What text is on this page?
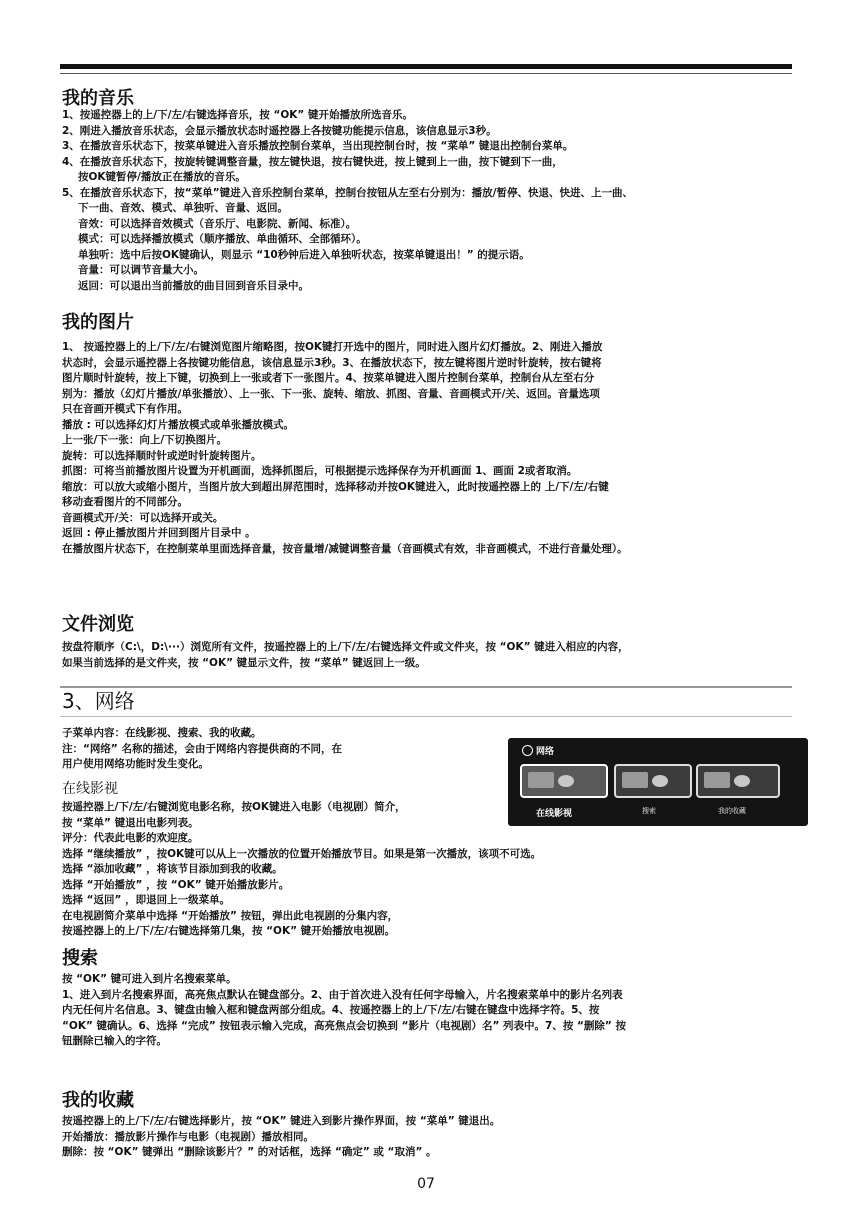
我的音乐
1、按遥控器上的上/下/左/右键选择音乐，按 “OK” 键开始播放所选音乐。
2、刚进入播放音乐状态，会显示播放状态时遥控器上各按键功能提示信息，该信息显示3秒。
3、在播放音乐状态下，按菜单键进入音乐播放控制台菜单，当出现控制台时，按 “菜单” 键退出控制台菜单。
4、在播放音乐状态下，按旋转键调整音量，按左键快退，按右键快进，按上键到上一曲，按下键到下一曲，
按OK键暂停/播放正在播放的音乐。
5、在播放音乐状态下，按“菜单”键进入音乐控制台菜单，控制台按钮从左至右分别为：播放/暂停、快退、快进、上一曲、
下一曲、音效、模式、单独听、音量、返回。
音效：可以选择音效模式（音乐厅、电影院、新闻、标准）。
模式：可以选择播放模式（顺序播放、单曲循环、全部循环）。
单独听：选中后按OK键确认，则显示 “10秒钟后进入单独听状态，按菜单键退出！” 的提示语。
音量：可以调节音量大小。
返回：可以退出当前播放的曲目回到音乐目录中。
我的图片
1、 按遥控器上的上/下/左/右键浏览图片缩略图，按OK键打开选中的图片，同时进入图片幻灯播放。2、刚进入播放
状态时，会显示遥控器上各按键功能信息，该信息显示3秒。3、在播放状态下，按左键将图片逆时针旋转，按右键将
图片顺时针旋转，按上下键，切换到上一张或者下一张图片。4、按菜单键进入图片控制台菜单，控制台从左至右分
别为：播放（幻灯片播放/单张播放）、上一张、下一张、旋转、缩放、抓图、音量、音画模式开/关、返回。音量选项
只在音画开模式下有作用。
播放 : 可以选择幻灯片播放模式或单张播放模式。
上一张/下一张：向上/下切换图片。
旋转：可以选择顺时针或逆时针旋转图片。
抓图：可将当前播放图片设置为开机画面，选择抓图后，可根据提示选择保存为开机画面 1、画面 2或者取消。
缩放：可以放大或缩小图片，当图片放大到超出屏范围时，选择移动并按OK键进入，此时按遥控器上的 上/下/左/右键
移动查看图片的不同部分。
音画模式开/关：可以选择开或关。
返回 : 停止播放图片并回到图片目录中 。
在播放图片状态下，在控制菜单里面选择音量，按音量增/减键调整音量（音画模式有效，非音画模式，不进行音量处理）。
文件浏览
按盘符顺序（C:\，D:\···）浏览所有文件，按遥控器上的上/下/左/右键选择文件或文件夹，按 “OK” 键进入相应的内容，
如果当前选择的是文件夹，按 “OK” 键显示文件，按 “菜单” 键返回上一级。
3、网络
子菜单内容：在线影视、搜索、我的收藏。
注：“网络” 名称的描述，会由于网络内容提供商的不同，在
用户使用网络功能时发生变化。
网络
在线影视	搜索	我的收藏
在线影视
按遥控器上/下/左/右键浏览电影名称，按OK键进入电影（电视剧）简介，
按 “菜单” 键退出电影列表。
评分：代表此电影的欢迎度。
选择 “继续播放” ，按OK键可以从上一次播放的位置开始播放节目。如果是第一次播放，该项不可选。
选择 “添加收藏” ，将该节目添加到我的收藏。
选择 “开始播放” ，按 “OK” 键开始播放影片。
选择 “返回” ，即退回上一级菜单。
在电视剧简介菜单中选择 “开始播放” 按钮，弹出此电视剧的分集内容，
按遥控器上的上/下/左/右键选择第几集，按 “OK” 键开始播放电视剧。
搜索
按 “OK” 键可进入到片名搜索菜单。
1、进入到片名搜索界面，高亮焦点默认在键盘部分。2、由于首次进入没有任何字母输入，片名搜索菜单中的影片名列表
内无任何片名信息。3、键盘由输入框和键盘两部分组成。4、按遥控器上的上/下/左/右键在键盘中选择字符。5、按
“OK” 键确认。6、选择 “完成” 按钮表示输入完成，高亮焦点会切换到 “影片（电视剧）名” 列表中。7、按 “删除” 按
钮删除已输入的字符。
我的收藏
按遥控器上的上/下/左/右键选择影片，按 “OK” 键进入到影片操作界面，按 “菜单” 键退出。
开始播放：播放影片操作与电影（电视剧）播放相同。
删除：按 “OK” 键弹出 “删除该影片？” 的对话框，选择 “确定” 或 “取消” 。
07
